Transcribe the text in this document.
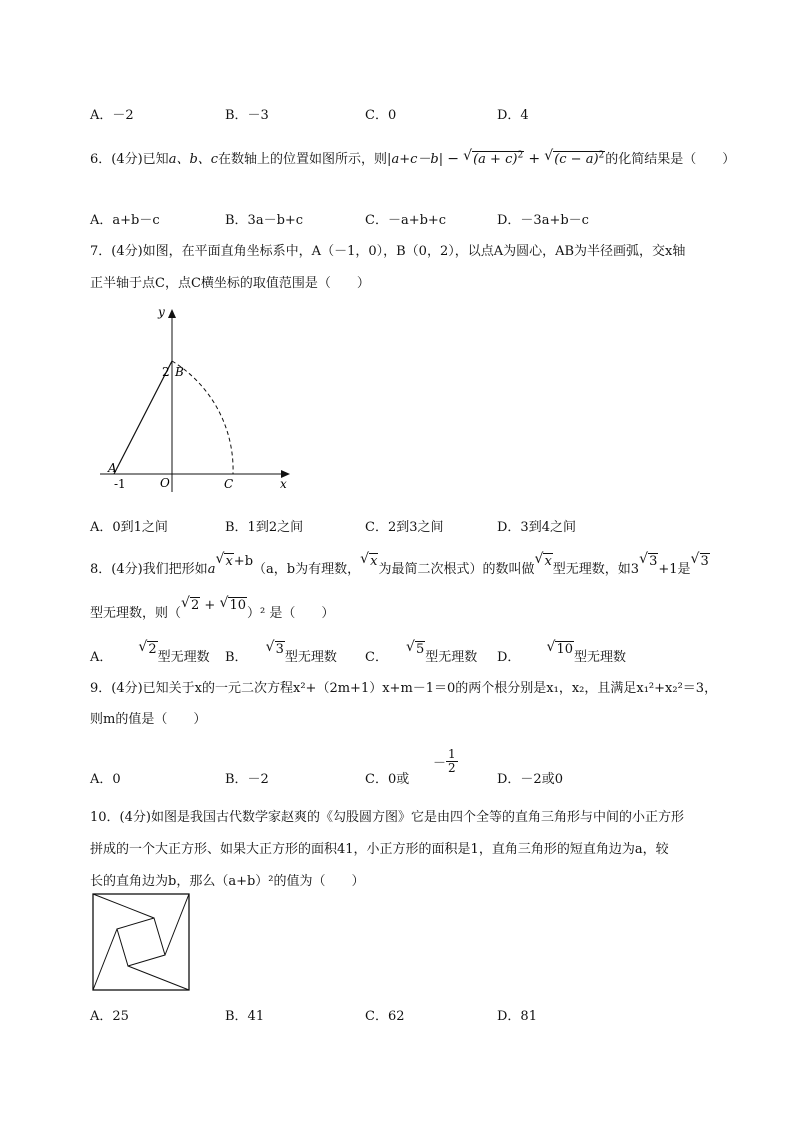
A．－2	B．－3	C．0	D．4
6．(4分)已知a、b、c在数轴上的位置如图所示，则|a+c－b| − √ $(a + c)^2$ + √ $(c - a)^2$的化简结果是（　　）
A．a+b－c	B．3a－b+c	C．－a+b+c	D．－3a+b－c
7．(4分)如图，在平面直角坐标系中，A（－1，0），B（0，2），以点A为圆心，AB为半径画弧，交x轴
正半轴于点C，点C横坐标的取值范围是（　　）
y
x
O
2 B
A
-1	C
A．0到1之间	B．1到2之间	C．2到3之间	D．3到4之间
8．(4分)我们把形如a
√ x+b（a，b为有理数，
√ x为最简二次根式）的数叫做
√ x型无理数，如3
√ 3+1是
√ 3
型无理数，则（
√ 2 + √ 10）² 是（　　）
A．
√ 2型无理数 B．
√ 3型无理数 C．
√ 5型无理数 D．
√ 10型无理数
9．(4分)已知关于x的一元二次方程x²+（2m+1）x+m－1＝0的两个根分别是x₁，x₂，且满足x₁²+x₂²＝3，
则m的值是（　　）
A．0	B．－2	C．0或
－ $\frac{1}{2}$
D．－2或0
10．(4分)如图是我国古代数学家赵爽的《勾股圆方图》它是由四个全等的直角三角形与中间的小正方形
拼成的一个大正方形、如果大正方形的面积41，小正方形的面积是1，直角三角形的短直角边为a，较
长的直角边为b，那么（a+b）²的值为（　　）
A．25	B．41	C．62	D．81
